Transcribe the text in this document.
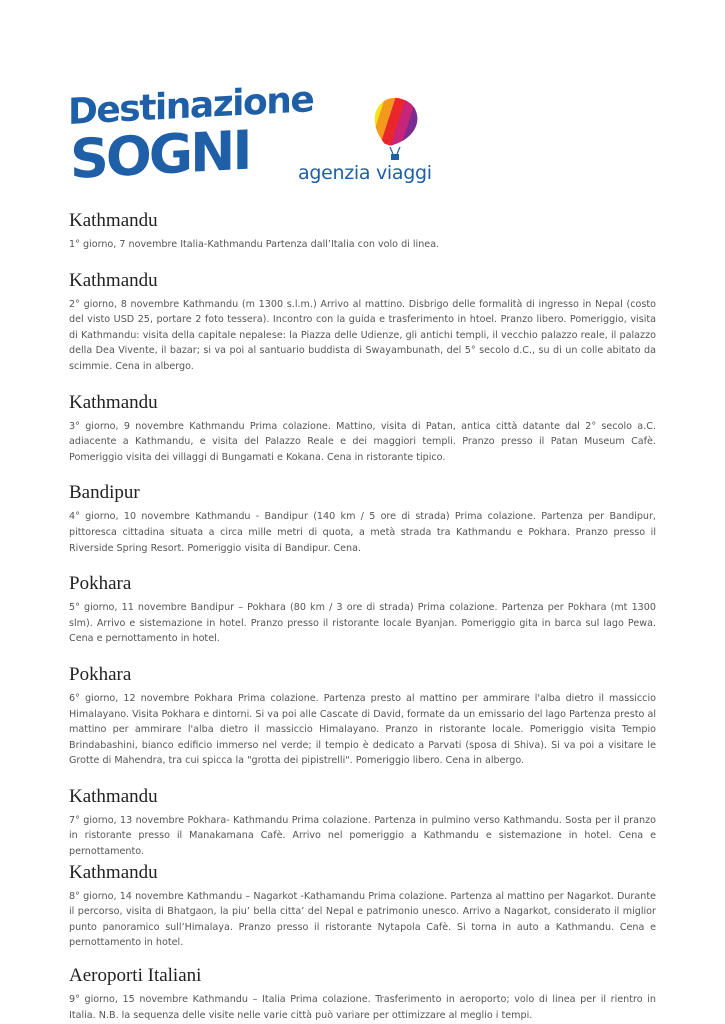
Destinazione
SOGNI	agenzia viaggi
Kathmandu

1° giorno, 7 novembre Italia-Kathmandu Partenza dall’Italia con volo di linea.

Kathmandu

2° giorno, 8 novembre Kathmandu (m 1300 s.l.m.) Arrivo al mattino. Disbrigo delle formalità di ingresso in Nepal (costo del visto USD 25, portare 2 foto tessera). Incontro con la guida e trasferimento in htoel. Pranzo libero. Pomeriggio, visita di Kathmandu: visita della capitale nepalese: la Piazza delle Udienze, gli antichi templi, il vecchio palazzo reale, il palazzo della Dea Vivente, il bazar; si va poi al santuario buddista di Swayambunath, del 5° secolo d.C., su di un colle abitato da scimmie. Cena in albergo.

Kathmandu

3° giorno, 9 novembre Kathmandu Prima colazione. Mattino, visita di Patan, antica città datante dal 2° secolo a.C. adiacente a Kathmandu, e visita del Palazzo Reale e dei maggiori templi. Pranzo presso il Patan Museum Cafè. Pomeriggio visita dei villaggi di Bungamati e Kokana. Cena in ristorante tipico.

Bandipur

4° giorno, 10 novembre Kathmandu - Bandipur (140 km / 5 ore di strada) Prima colazione. Partenza per Bandipur, pittoresca cittadina situata a circa mille metri di quota, a metà strada tra Kathmandu e Pokhara. Pranzo presso il Riverside Spring Resort. Pomeriggio visita di Bandipur. Cena.

Pokhara

5° giorno, 11 novembre Bandipur – Pokhara (80 km / 3 ore di strada) Prima colazione. Partenza per Pokhara (mt 1300 slm). Arrivo e sistemazione in hotel. Pranzo presso il ristorante locale Byanjan. Pomeriggio gita in barca sul lago Pewa. Cena e pernottamento in hotel.

Pokhara

6° giorno, 12 novembre Pokhara Prima colazione. Partenza presto al mattino per ammirare l'alba dietro il massiccio Himalayano. Visita Pokhara e dintorni. Si va poi alle Cascate di David, formate da un emissario del lago Partenza presto al mattino per ammirare l'alba dietro il massiccio Himalayano. Pranzo in ristorante locale. Pomeriggio visita Tempio Brindabashini, bianco edificio immerso nel verde; il tempio è dedicato a Parvati (sposa di Shiva). Si va poi a visitare le Grotte di Mahendra, tra cui spicca la "grotta dei pipistrelli". Pomeriggio libero. Cena in albergo.

Kathmandu

7° giorno, 13 novembre Pokhara- Kathmandu Prima colazione. Partenza in pulmino verso Kathmandu. Sosta per il pranzo in ristorante presso il Manakamana Cafè. Arrivo nel pomeriggio a Kathmandu e sistemazione in hotel. Cena e pernottamento.

Kathmandu

8° giorno, 14 novembre Kathmandu – Nagarkot -Kathamandu Prima colazione. Partenza al mattino per Nagarkot. Durante il percorso, visita di Bhatgaon, la piu’ bella citta’ del Nepal e patrimonio unesco. Arrivo a Nagarkot, considerato il miglior punto panoramico sull’Himalaya. Pranzo presso il ristorante Nytapola Cafè. Si torna in auto a Kathmandu. Cena e pernottamento in hotel.

Aeroporti Italiani

9° giorno, 15 novembre Kathmandu – Italia Prima colazione. Trasferimento in aeroporto; volo di linea per il rientro in Italia. N.B. la sequenza delle visite nelle varie città può variare per ottimizzare al meglio i tempi.
